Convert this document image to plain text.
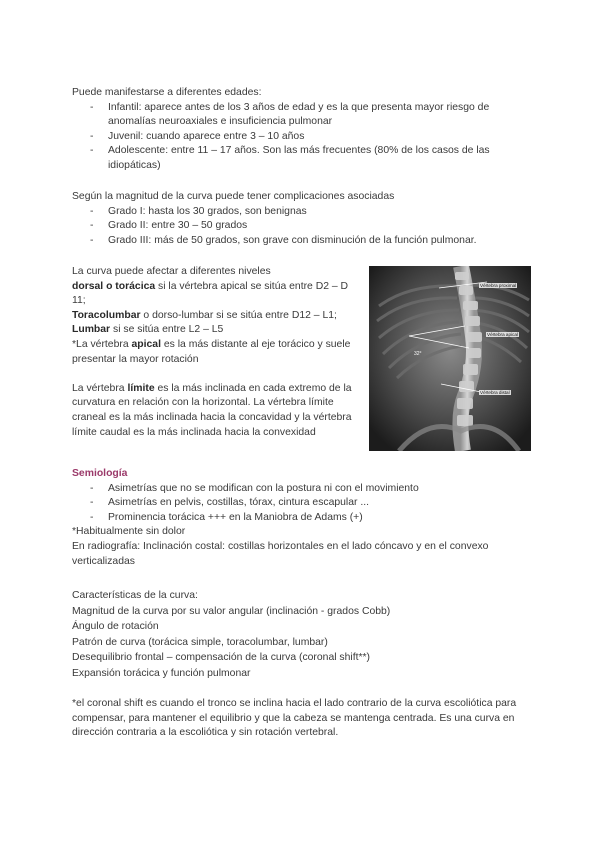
Puede manifestarse a diferentes edades:

- Infantil: aparece antes de los 3 años de edad y es la que presenta mayor riesgo de anomalías neuroaxiales e insuficiencia pulmonar
- Juvenil: cuando aparece entre 3 – 10 años
- Adolescente: entre 11 – 17 años. Son las más frecuentes (80% de los casos de las idiopáticas)

Según la magnitud de la curva puede tener complicaciones asociadas

- Grado I: hasta los 30 grados, son benignas
- Grado II: entre 30 – 50 grados
- Grado III: más de 50 grados, son grave con disminución de la función pulmonar.

La curva puede afectar a diferentes niveles

dorsal o torácica si la vértebra apical se sitúa entre D2 – D 11;

Toracolumbar o dorso-lumbar si se sitúa entre D12 – L1;

Lumbar si se sitúa entre L2 – L5

*La vértebra apical es la más distante al eje torácico y suele presentar la mayor rotación

La vértebra límite es la más inclinada en cada extremo de la curvatura en relación con la horizontal. La vértebra límite craneal es la más inclinada hacia la concavidad y la vértebra límite caudal es la más inclinada hacia la convexidad

Vértebra proximal
Vértebra apical
Vértebra distal
32°

Semiología

- Asimetrías que no se modifican con la postura ni con el movimiento
- Asimetrías en pelvis, costillas, tórax, cintura escapular ...
- Prominencia torácica +++ en la Maniobra de Adams (+)

*Habitualmente sin dolor

En radiografía: Inclinación costal: costillas horizontales en el lado cóncavo y en el convexo verticalizadas

Características de la curva:

Magnitud de la curva por su valor angular (inclinación - grados Cobb)

Ángulo de rotación

Patrón de curva (torácica simple, toracolumbar, lumbar)

Desequilibrio frontal – compensación de la curva (coronal shift**)

Expansión torácica y función pulmonar

*el coronal shift es cuando el tronco se inclina hacia el lado contrario de la curva escoliótica para compensar, para mantener el equilibrio y que la cabeza se mantenga centrada. Es una curva en dirección contraria a la escoliótica y sin rotación vertebral.
